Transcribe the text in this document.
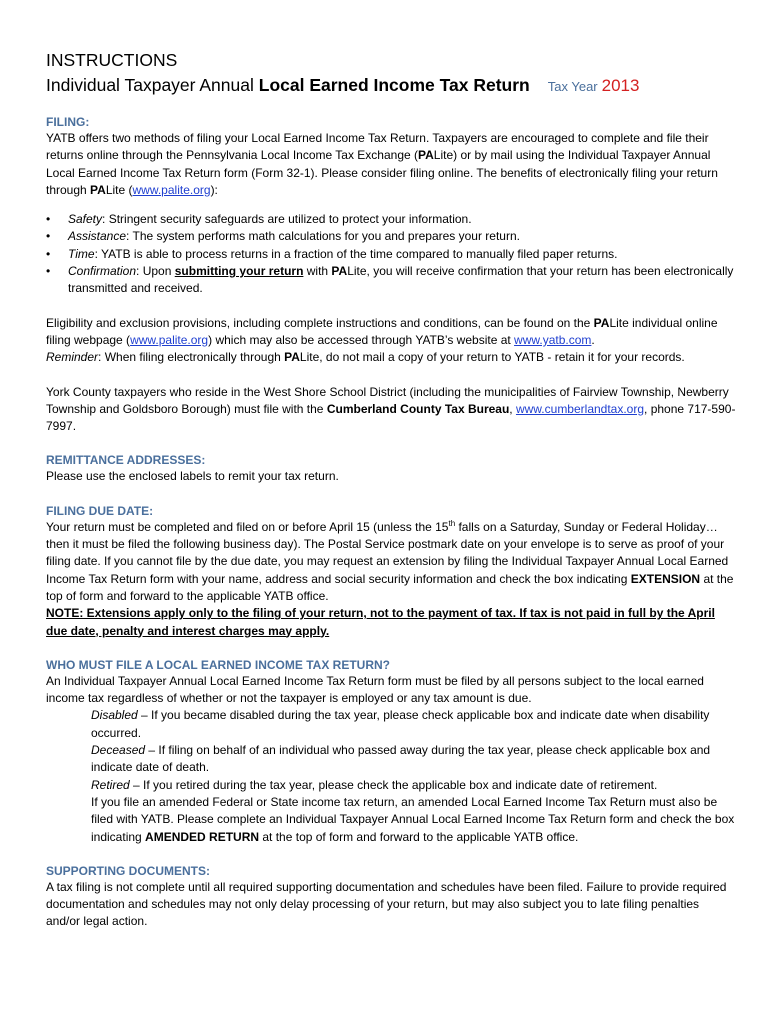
INSTRUCTIONS

Individual Taxpayer Annual Local Earned Income Tax Return Tax Year 2013

FILING:

YATB offers two methods of filing your Local Earned Income Tax Return. Taxpayers are encouraged to complete and file their returns online through the Pennsylvania Local Income Tax Exchange (PALite) or by mail using the Individual Taxpayer Annual Local Earned Income Tax Return form (Form 32-1). Please consider filing online. The benefits of electronically filing your return through PALite (www.palite.org):

• Safety: Stringent security safeguards are utilized to protect your information.
• Assistance: The system performs math calculations for you and prepares your return.
• Time: YATB is able to process returns in a fraction of the time compared to manually filed paper returns.
• Confirmation: Upon submitting your return with PALite, you will receive confirmation that your return has been electronically transmitted and received.

Eligibility and exclusion provisions, including complete instructions and conditions, can be found on the PALite individual online filing webpage (www.palite.org) which may also be accessed through YATB’s website at www.yatb.com.
Reminder: When filing electronically through PALite, do not mail a copy of your return to YATB - retain it for your records.

York County taxpayers who reside in the West Shore School District (including the municipalities of Fairview Township, Newberry Township and Goldsboro Borough) must file with the Cumberland County Tax Bureau, www.cumberlandtax.org, phone 717-590-7997.

REMITTANCE ADDRESSES:

Please use the enclosed labels to remit your tax return.

FILING DUE DATE:

Your return must be completed and filed on or before April 15 (unless the 15th falls on a Saturday, Sunday or Federal Holiday…then it must be filed the following business day). The Postal Service postmark date on your envelope is to serve as proof of your filing date. If you cannot file by the due date, you may request an extension by filing the Individual Taxpayer Annual Local Earned Income Tax Return form with your name, address and social security information and check the box indicating EXTENSION at the top of form and forward to the applicable YATB office.
NOTE: Extensions apply only to the filing of your return, not to the payment of tax. If tax is not paid in full by the April due date, penalty and interest charges may apply.

WHO MUST FILE A LOCAL EARNED INCOME TAX RETURN?

An Individual Taxpayer Annual Local Earned Income Tax Return form must be filed by all persons subject to the local earned income tax regardless of whether or not the taxpayer is employed or any tax amount is due.

Disabled – If you became disabled during the tax year, please check applicable box and indicate date when disability occurred.

Deceased – If filing on behalf of an individual who passed away during the tax year, please check applicable box and indicate date of death.

Retired – If you retired during the tax year, please check the applicable box and indicate date of retirement.

If you file an amended Federal or State income tax return, an amended Local Earned Income Tax Return must also be filed with YATB. Please complete an Individual Taxpayer Annual Local Earned Income Tax Return form and check the box indicating AMENDED RETURN at the top of form and forward to the applicable YATB office.

SUPPORTING DOCUMENTS:

A tax filing is not complete until all required supporting documentation and schedules have been filed. Failure to provide required documentation and schedules may not only delay processing of your return, but may also subject you to late filing penalties and/or legal action.
